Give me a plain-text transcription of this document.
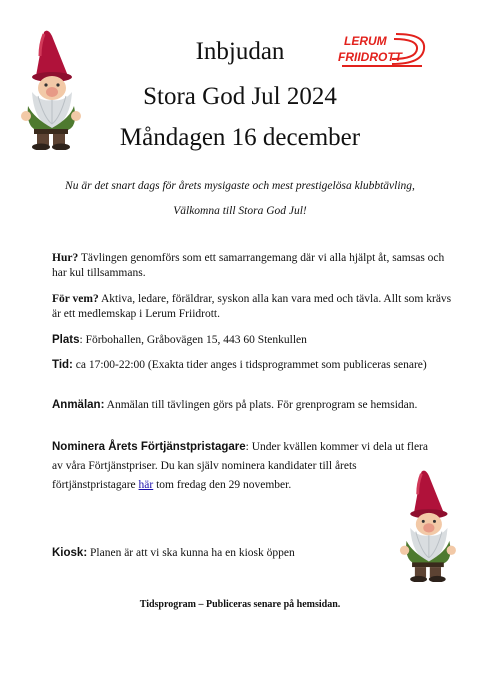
LERUM
FRIIDROTT
Inbjudan
Stora God Jul 2024
Måndagen 16 december
Nu är det snart dags för årets mysigaste och mest prestigelösa klubbtävling,
Välkomna till Stora God Jul!
Hur? Tävlingen genomförs som ett samarrangemang där vi alla hjälpt åt, samsas och har kul tillsammans.
För vem? Aktiva, ledare, föräldrar, syskon alla kan vara med och tävla. Allt som krävs är ett medlemskap i Lerum Friidrott.
Plats: Förbohallen, Gråbovägen 15, 443 60 Stenkullen
Tid: ca 17:00-22:00 (Exakta tider anges i tidsprogrammet som publiceras senare)
Anmälan: Anmälan till tävlingen görs på plats. För grenprogram se hemsidan.
Nominera Årets Förtjänstpristagare: Under kvällen kommer vi dela ut flera av våra Förtjänstpriser. Du kan själv nominera kandidater till årets förtjänstpristagare här tom fredag den 29 november.
Kiosk: Planen är att vi ska kunna ha en kiosk öppen
Tidsprogram – Publiceras senare på hemsidan.
